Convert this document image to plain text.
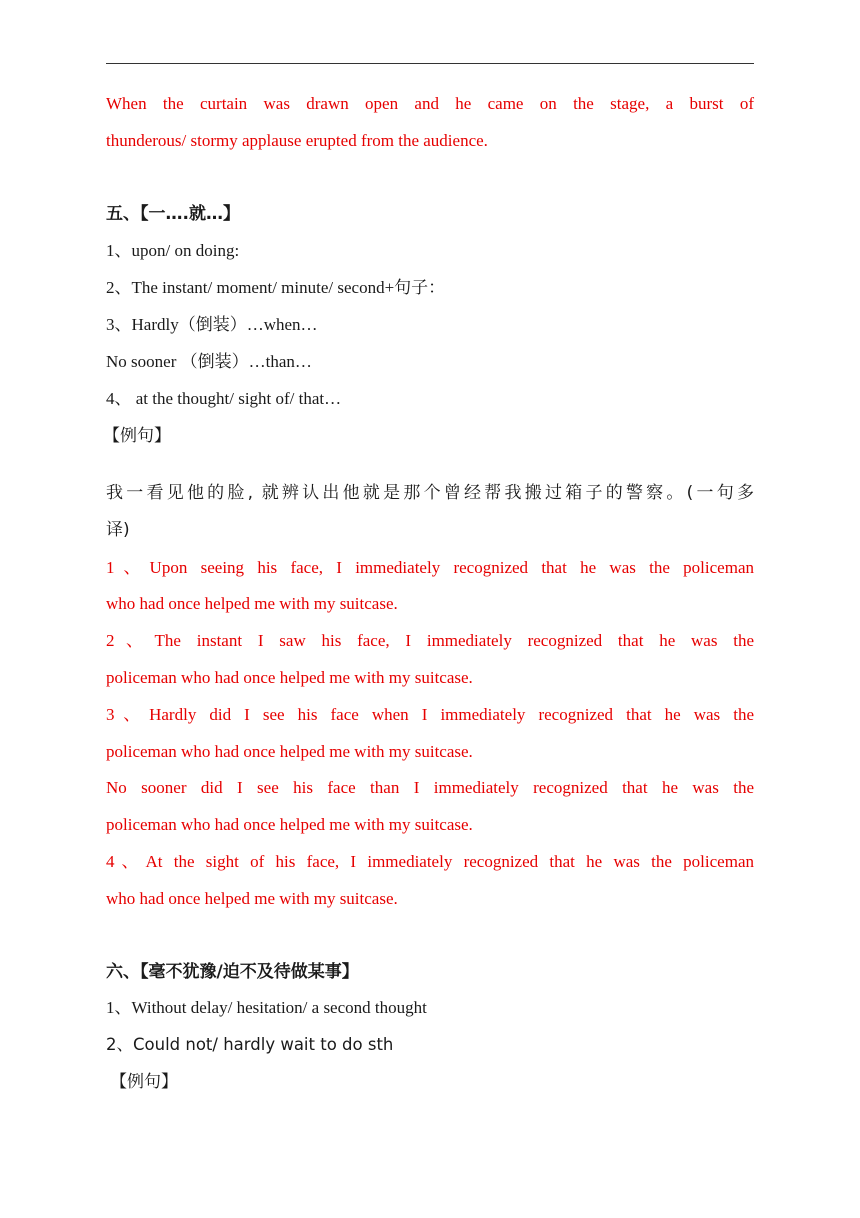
When the curtain was drawn open and he came on the stage, a burst of
thunderous/ stormy applause erupted from the audience.
五、【一….就…】
1、upon/ on doing:
2、The instant/ moment/ minute/ second+句子：
3、Hardly（倒装）…when…
No sooner （倒装）…than…
4、 at the thought/ sight of/ that…
【例句】
我一看见他的脸, 就辨认出他就是那个曾经帮我搬过箱子的警察。(一句多
译)
1、Upon seeing his face, I immediately recognized that he was the policeman
who had once helped me with my suitcase.
2、The instant I saw his face, I immediately recognized that he was the
policeman who had once helped me with my suitcase.
3、Hardly did I see his face when I immediately recognized that he was the
policeman who had once helped me with my suitcase.
No sooner did I see his face than I immediately recognized that he was the
policeman who had once helped me with my suitcase.
4、At the sight of his face, I immediately recognized that he was the policeman
who had once helped me with my suitcase.
六、【毫不犹豫/迫不及待做某事】
1、Without delay/ hesitation/ a second thought
2、Could not/ hardly wait to do sth
【例句】
